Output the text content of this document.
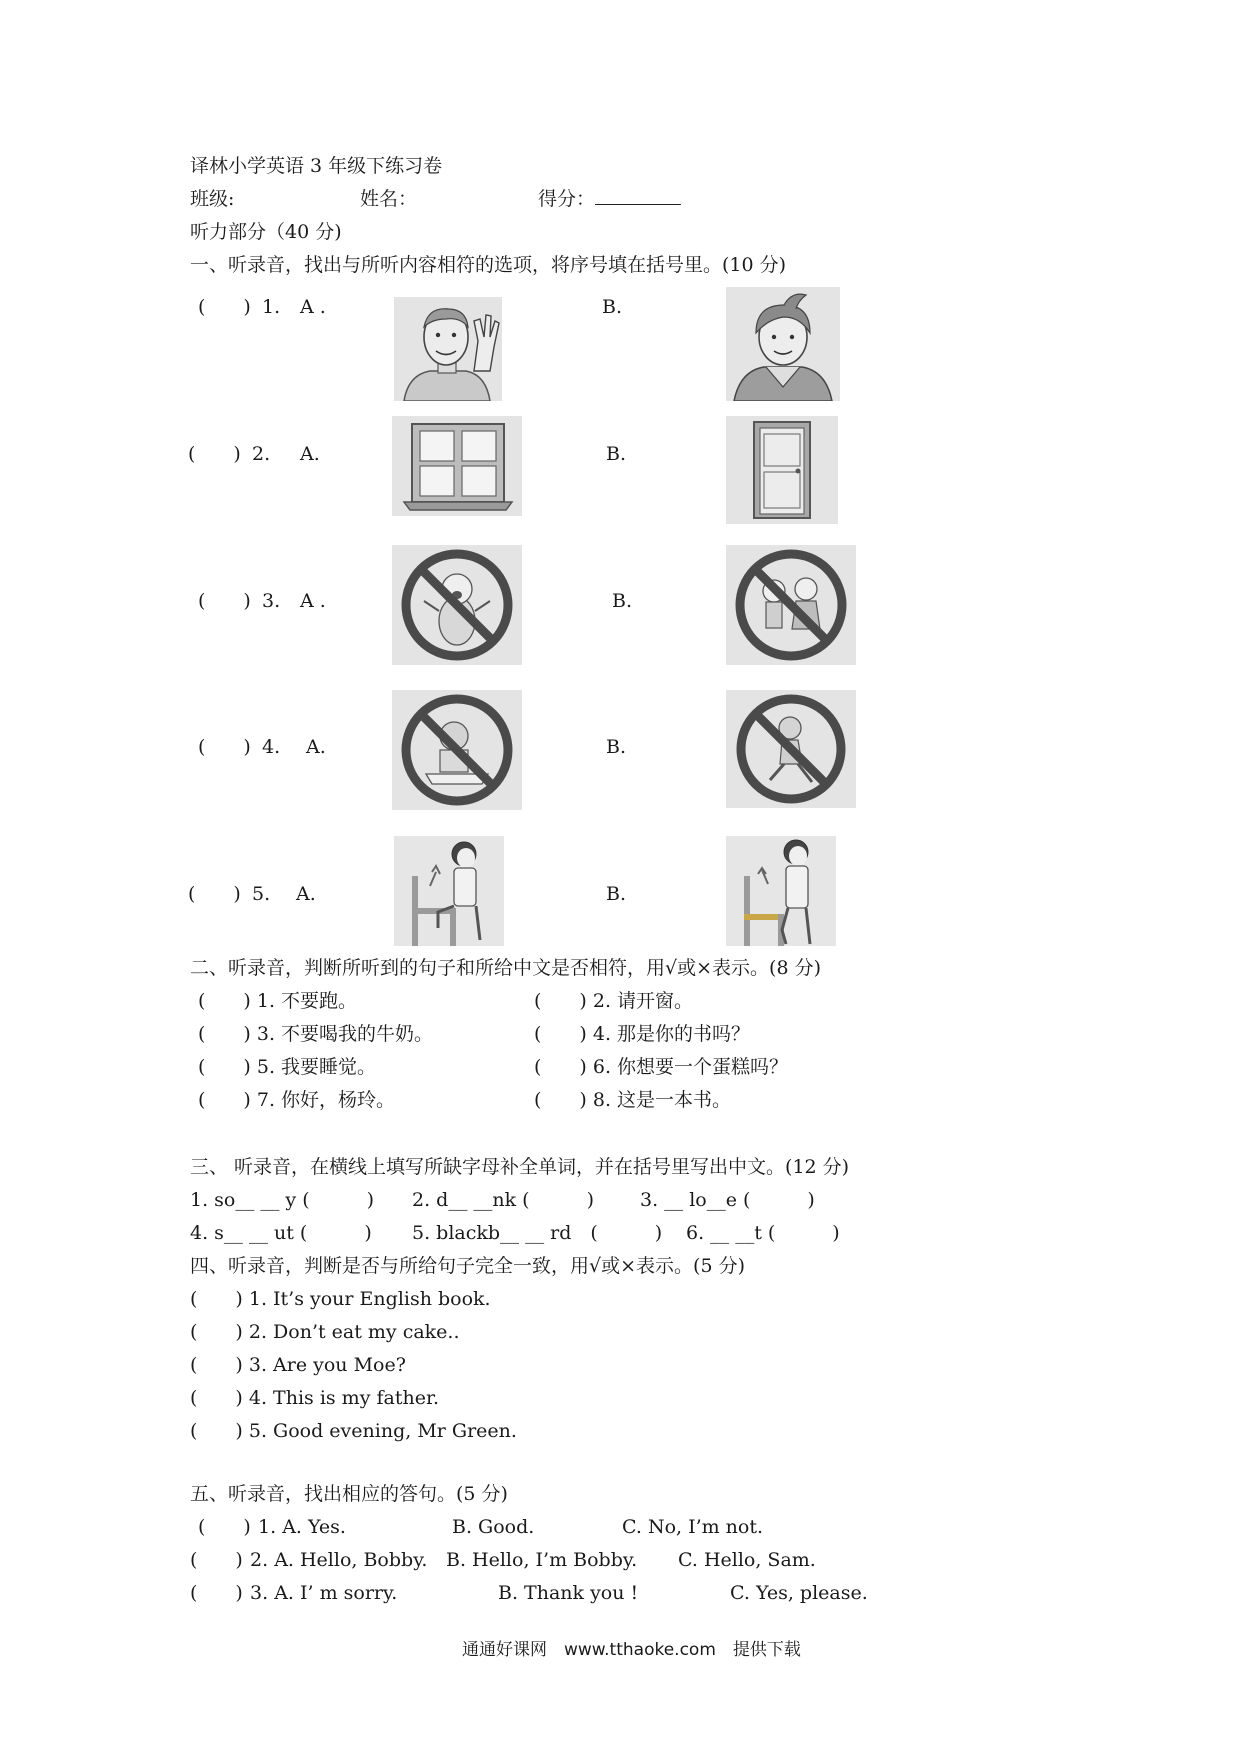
译林小学英语 3 年级下练习卷
班级:	姓名：	得分：
听力部分（40 分)
一、听录音，找出与所听内容相符的选项，将序号填在括号里。(10 分)
(　　) 1. A .	B.
(　　) 2. A.	B.
(　　) 3. A .	B.
(　　) 4. A.	B.
(　　) 5. A.	B.
二、听录音，判断所听到的句子和所给中文是否相符，用√或×表示。(8 分)
(　　) 1. 不要跑。	(　　) 2. 请开窗。
(　　) 3. 不要喝我的牛奶。	(　　) 4. 那是你的书吗？
(　　) 5. 我要睡觉。	(　　) 6. 你想要一个蛋糕吗？
(　　) 7. 你好，杨玲。	(　　) 8. 这是一本书。
三、 听录音，在横线上填写所缺字母补全单词，并在括号里写出中文。(12 分)
1. so__ __ y (　　　) 2. d__ __nk (　　　) 3. __ lo__e (　　　)
4. s__ __ ut (　　　) 5. blackb__ __ rd　(　　　) 6. __ __t (　　　)
四、听录音，判断是否与所给句子完全一致，用√或×表示。(5 分)
(　　) 1. It’s your English book.
(　　) 2. Don’t eat my cake..
(　　) 3. Are you Moe?
(　　) 4. This is my father.
(　　) 5. Good evening, Mr Green.
五、听录音，找出相应的答句。(5 分)
(　　) 1. A. Yes.	B. Good.	C. No, I’m not.
(　　) 2. A. Hello, Bobby. B. Hello, I’m Bobby. C. Hello, Sam.
(　　) 3. A. I’ m sorry.	B. Thank you !	C. Yes, please.
通通好课网　www.tthaoke.com　提供下载
